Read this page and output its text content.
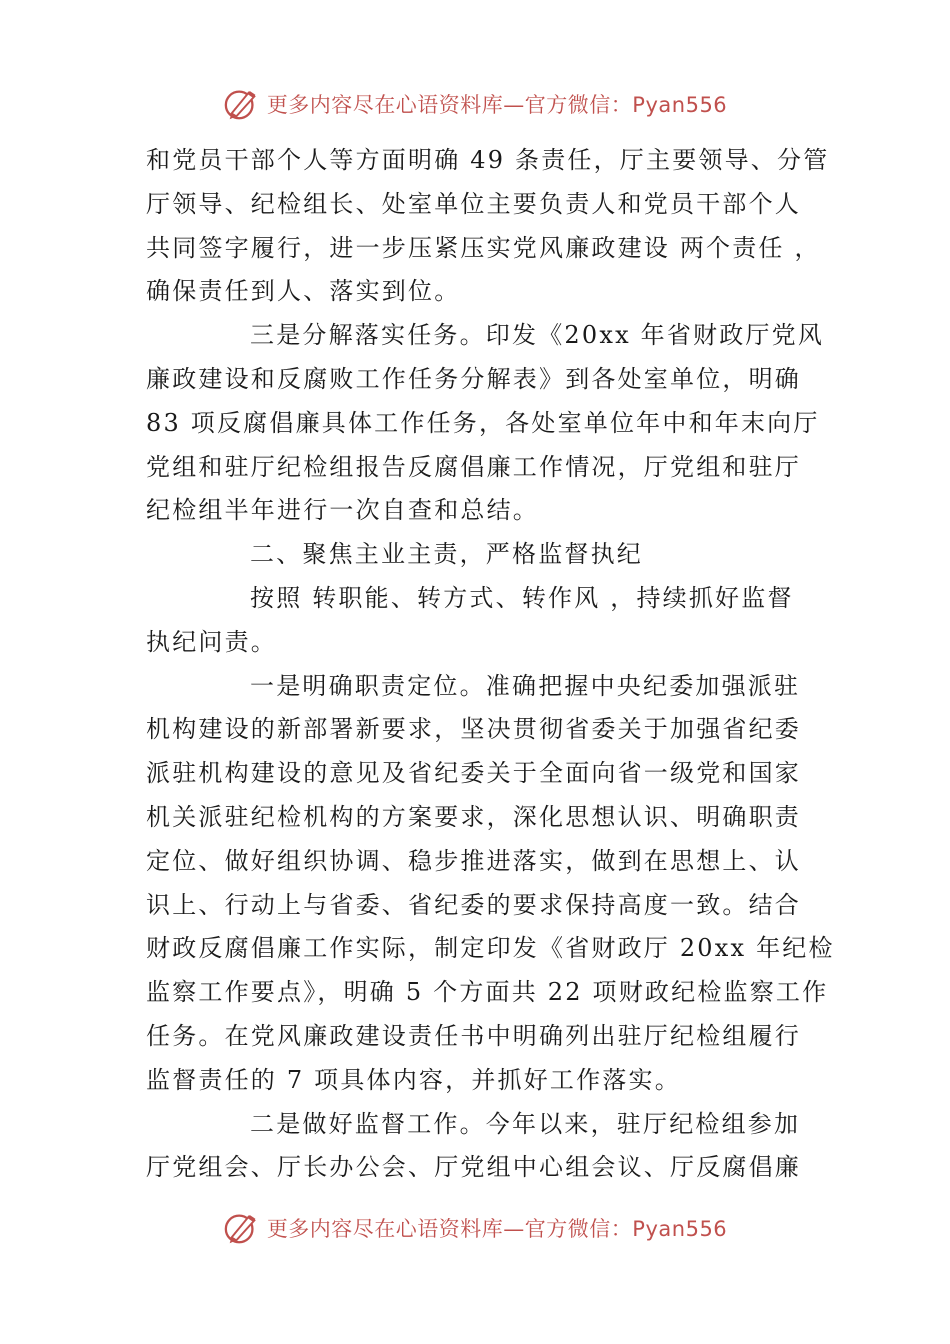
更多内容尽在心语资料库—官方微信：Pyan556
和党员干部个人等方面明确 49 条责任，厅主要领导、分管
厅领导、纪检组长、处室单位主要负责人和党员干部个人
共同签字履行，进一步压紧压实党风廉政建设 两个责任 ，
确保责任到人、落实到位。
三是分解落实任务。印发《20xx 年省财政厅党风
廉政建设和反腐败工作任务分解表》到各处室单位，明确
83 项反腐倡廉具体工作任务，各处室单位年中和年末向厅
党组和驻厅纪检组报告反腐倡廉工作情况，厅党组和驻厅
纪检组半年进行一次自查和总结。
二、聚焦主业主责，严格监督执纪
按照 转职能、转方式、转作风 ，持续抓好监督
执纪问责。
一是明确职责定位。准确把握中央纪委加强派驻
机构建设的新部署新要求，坚决贯彻省委关于加强省纪委
派驻机构建设的意见及省纪委关于全面向省一级党和国家
机关派驻纪检机构的方案要求，深化思想认识、明确职责
定位、做好组织协调、稳步推进落实，做到在思想上、认
识上、行动上与省委、省纪委的要求保持高度一致。结合
财政反腐倡廉工作实际，制定印发《省财政厅 20xx 年纪检
监察工作要点》，明确 5 个方面共 22 项财政纪检监察工作
任务。在党风廉政建设责任书中明确列出驻厅纪检组履行
监督责任的 7 项具体内容，并抓好工作落实。
二是做好监督工作。今年以来，驻厅纪检组参加
厅党组会、厅长办公会、厅党组中心组会议、厅反腐倡廉
更多内容尽在心语资料库—官方微信：Pyan556
